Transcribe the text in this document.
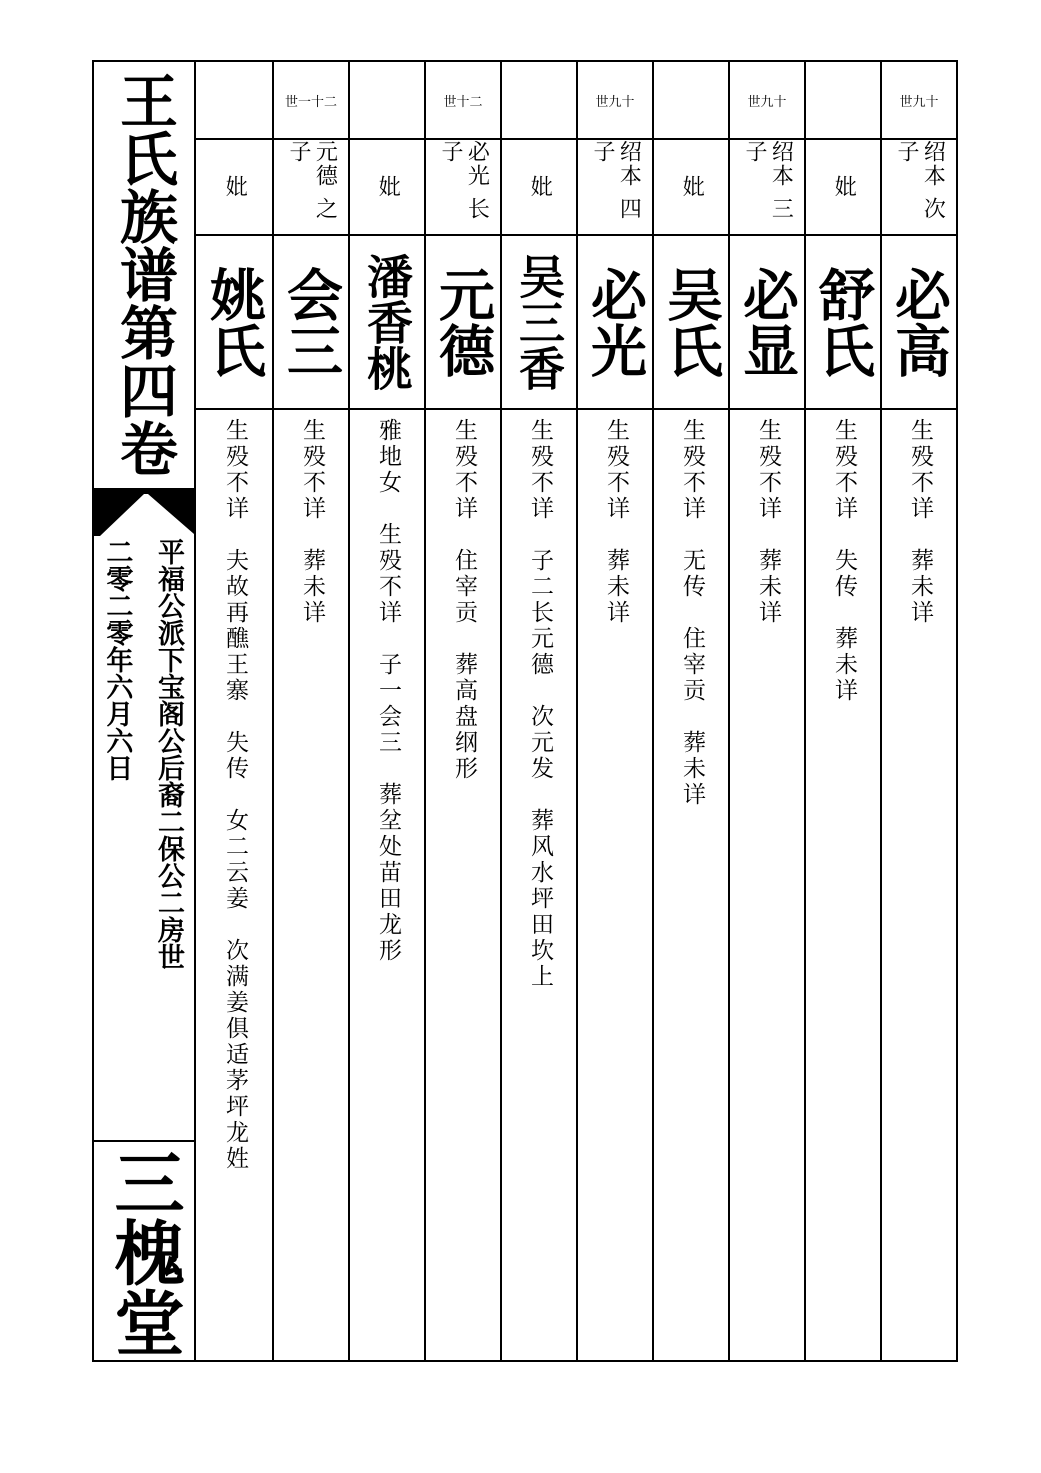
王氏族谱第四卷
平福公派下宝阁公后裔二保公二房世
二零二零年六月六日
三槐堂
世九十
绍本 次子
必高
生殁不详　葬未详
妣
舒氏
生殁不详　失传　葬未详
世九十
绍本 三子
必显
生殁不详　葬未详
妣
吴氏
生殁不详　无传　住宰贡　葬未详
世九十
绍本 四子
必光
生殁不详　葬未详
妣
吴三香
生殁不详　子二长元德　次元发　葬风水坪田坎上
世十二
必光 长子
元德
生殁不详　住宰贡　葬高盘纲形
妣
潘香桃
雅地女　生殁不详　子一会三　葬坌处苗田龙形
世一十二
元德 之子
会三
生殁不详　葬未详
妣
姚氏
生殁不详　夫故再醮王寨　失传　女二云姜　次满姜俱适茅坪龙姓
